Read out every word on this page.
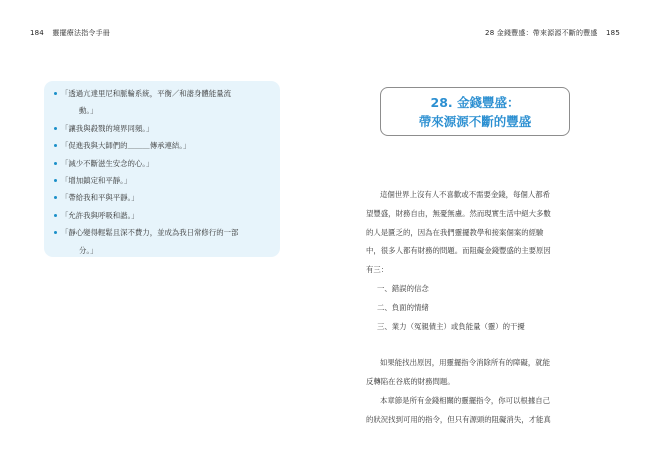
184 靈擺療法指令手冊	28 金錢豐盛：帶來源源不斷的豐盛 185
「透過亢達里尼和脈輪系統，平衡／和諧身體能量流
動。」
「讓我與殺戮的境界同頻。」
「促進我與大師們的＿＿＿傳承連結。」
「減少不斷滋生安念的心。」
「增加鎮定和平靜。」
「帶給我和平與平靜。」
「允許我與呼吸和諧。」
「靜心變得輕鬆且深不費力，並成為我日常修行的一部
分。」
28. 金錢豐盛：
帶來源源不斷的豐盛
這個世界上沒有人不喜歡或不需要金錢，每個人都希
望豐盛，財務自由，無憂無慮。然而現實生活中絕大多數
的人是匱乏的，因為在我們靈擺教學和接案個案的經驗
中，很多人都有財務的問題。而阻礙金錢豐盛的主要原因
有三：
一、錯誤的信念
二、負面的情緒
三、業力（冤親債主）或負能量（靈）的干擾
如果能找出原因，用靈擺指令消除所有的障礙，就能
反轉陷在谷底的財務問題。
本章節是所有金錢相關的靈擺指令，你可以根據自己
的狀況找到可用的指令，但只有源頭的阻礙消失，才能真
